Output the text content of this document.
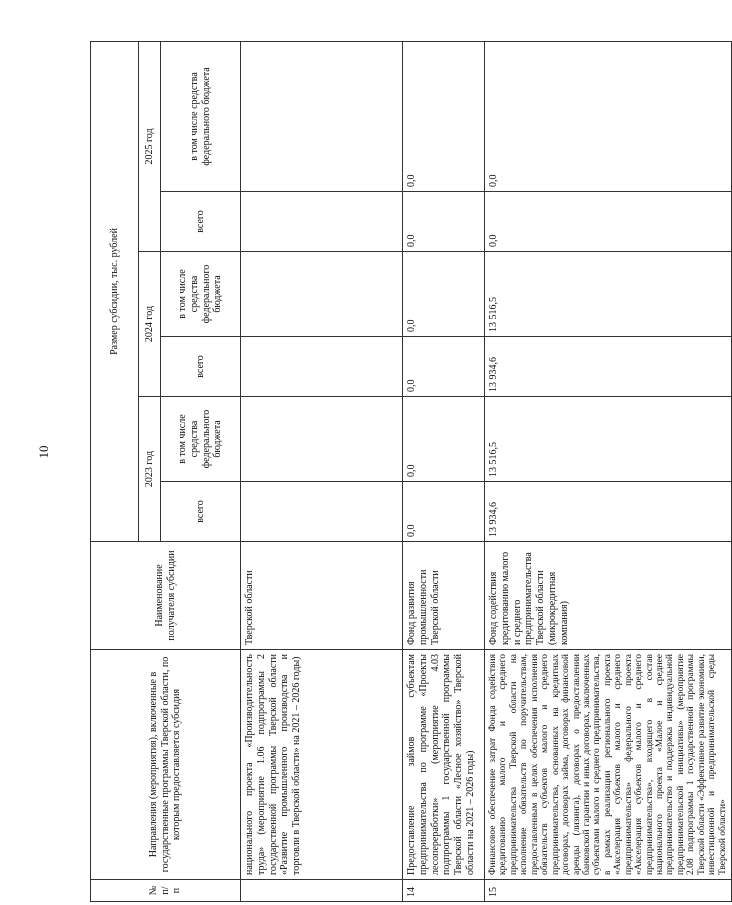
10
№ п/п	Направления (мероприятия), включенные в государственные программы Тверской области, по которым предоставляется субсидия	Наименование получателя субсидии	Размер субсидии, тыс. рублей					
			2023 год		2024 год		2025 год	
			всего	в том числе средства федерального бюджета	всего	в том числе средства федерального бюджета	всего	в том числе средства федерального бюджета
	национального проекта «Производительность труда» (мероприятие 1.06 подпрограммы 2 государственной программы Тверской области «Развитие промышленного производства и торговли в Тверской области» на 2021 – 2026 годы)	Тверской области						
14	Предоставление займов субъектам предпринимательства по программе «Проекты лесопереработки» (мероприятие 4.03 подпрограммы 1 государственной программы Тверской области «Лесное хозяйство» Тверской области на 2021 – 2026 годы)	Фонд развития промышленности Тверской области	0,0	0,0	0,0	0,0	0,0	0,0
15	Финансовое обеспечение затрат Фонда содействия кредитованию малого и среднего предпринимательства Тверской области на исполнение обязательств по поручительствам, предоставленным в целях обеспечения исполнения обязательств субъектов малого и среднего предпринимательства, основанных на кредитных договорах, договорах займа, договорах финансовой аренды (лизинга), договорах о предоставлении банковской гарантии и иных договорах, заключенных субъектами малого и среднего предпринимательства, в рамках реализации регионального проекта «Акселерация субъектов малого и среднего предпринимательства» федерального проекта «Акселерация субъектов малого и среднего предпринимательства», входящего в состав национального проекта «Малое и среднее предпринимательство и поддержка индивидуальной предпринимательской инициативы» (мероприятие 2.08 подпрограммы 1 государственной программы Тверской области «Эффективное развитие экономики, инвестиционной и предпринимательской среды Тверской области»	Фонд содействия кредитованию малого и среднего предпринимательства Тверской области (микрокредитная компания)	13 934,6	13 516,5	13 934,6	13 516,5	0,0	0,0
